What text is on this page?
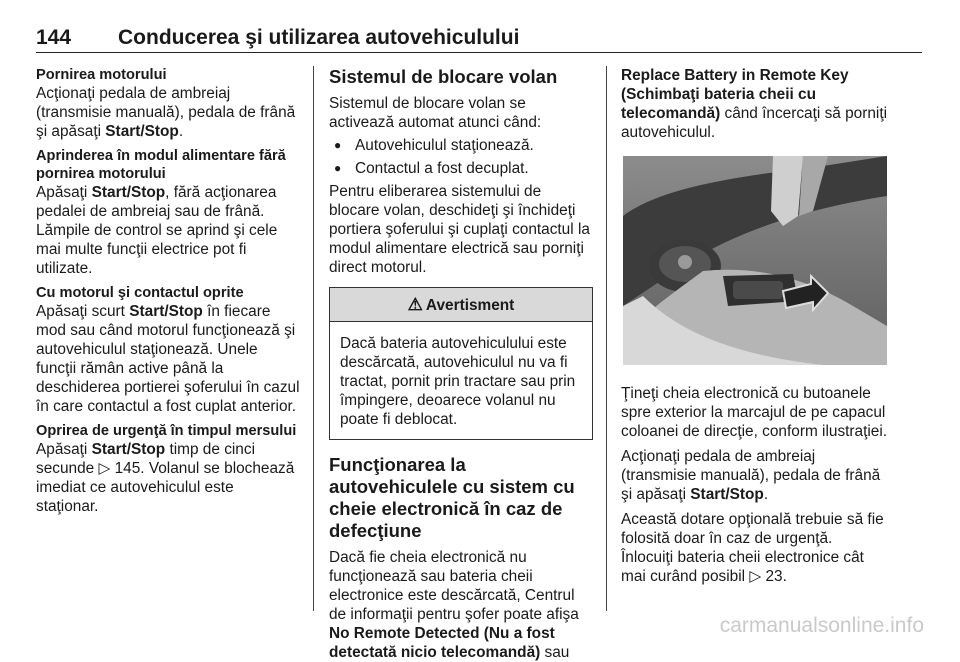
144 Conducerea şi utilizarea autovehiculului

Pornirea motorului

Acţionaţi pedala de ambreiaj (transmisie manuală), pedala de frână şi apăsaţi Start/Stop.

Aprinderea în modul alimentare fără pornirea motorului

Apăsaţi Start/Stop, fără acţionarea pedalei de ambreiaj sau de frână. Lămpile de control se aprind şi cele mai multe funcţii electrice pot fi utilizate.

Cu motorul şi contactul oprite

Apăsaţi scurt Start/Stop în fiecare mod sau când motorul funcţionează şi autovehiculul staţionează. Unele funcţii rămân active până la deschiderea portierei şoferului în cazul în care contactul a fost cuplat anterior.

Oprirea de urgenţă în timpul mersului

Apăsaţi Start/Stop timp de cinci secunde ▷ 145. Volanul se blochează imediat ce autovehiculul este staţionar.

Sistemul de blocare volan

Sistemul de blocare volan se activează automat atunci când:

● Autovehiculul staţionează.
● Contactul a fost decuplat.

Pentru eliberarea sistemului de blocare volan, deschideţi şi închideţi portiera şoferului şi cuplaţi contactul la modul alimentare electrică sau porniţi direct motorul.

⚠ Avertisment
Dacă bateria autovehiculului este descărcată, autovehiculul nu va fi tractat, pornit prin tractare sau prin împingere, deoarece volanul nu poate fi deblocat.
Funcţionarea la autovehiculele cu sistem cu cheie electronică în caz de defecţiune

Dacă fie cheia electronică nu funcţionează sau bateria cheii electronice este descărcată, Centrul de informaţii pentru şofer poate afişa No Remote Detected (Nu a fost detectată nicio telecomandă) sau

Replace Battery in Remote Key (Schimbaţi bateria cheii cu telecomandă) când încercaţi să porniţi autovehiculul.

Ţineţi cheia electronică cu butoanele spre exterior la marcajul de pe capacul coloanei de direcţie, conform ilustraţiei.

Acţionaţi pedala de ambreiaj (transmisie manuală), pedala de frână şi apăsaţi Start/Stop.

Această dotare opţională trebuie să fie folosită doar în caz de urgenţă.

Înlocuiţi bateria cheii electronice cât mai curând posibil ▷ 23.

carmanualsonline.info
